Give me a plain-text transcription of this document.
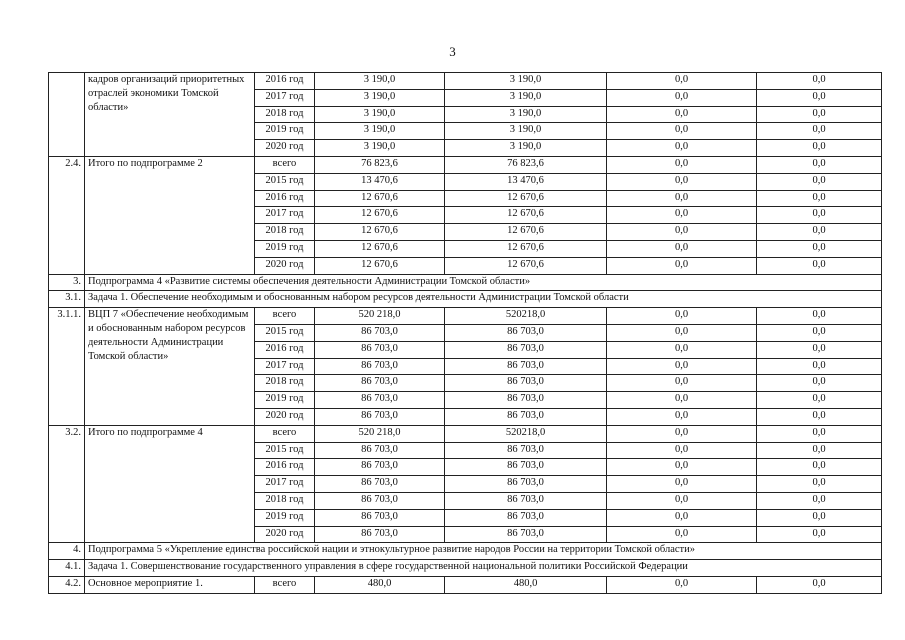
3
	кадров организаций приоритетных отраслей экономики Томской области»	2016 год	3 190,0	3 190,0	0,0	0,0
		2017 год	3 190,0	3 190,0	0,0	0,0
		2018 год	3 190,0	3 190,0	0,0	0,0
		2019 год	3 190,0	3 190,0	0,0	0,0
		2020 год	3 190,0	3 190,0	0,0	0,0
2.4.	Итого по подпрограмме 2	всего	76 823,6	76 823,6	0,0	0,0
		2015 год	13 470,6	13 470,6	0,0	0,0
		2016 год	12 670,6	12 670,6	0,0	0,0
		2017 год	12 670,6	12 670,6	0,0	0,0
		2018 год	12 670,6	12 670,6	0,0	0,0
		2019 год	12 670,6	12 670,6	0,0	0,0
		2020 год	12 670,6	12 670,6	0,0	0,0
3.	Подпрограмма 4 «Развитие системы обеспечения деятельности Администрации Томской области»					
3.1.	Задача 1. Обеспечение необходимым и обоснованным набором ресурсов деятельности Администрации Томской области					
3.1.1.	ВЦП 7 «Обеспечение необходимым и обоснованным набором ресурсов деятельности Администрации Томской области»	всего	520 218,0	520218,0	0,0	0,0
		2015 год	86 703,0	86 703,0	0,0	0,0
		2016 год	86 703,0	86 703,0	0,0	0,0
		2017 год	86 703,0	86 703,0	0,0	0,0
		2018 год	86 703,0	86 703,0	0,0	0,0
		2019 год	86 703,0	86 703,0	0,0	0,0
		2020 год	86 703,0	86 703,0	0,0	0,0
3.2.	Итого по подпрограмме 4	всего	520 218,0	520218,0	0,0	0,0
		2015 год	86 703,0	86 703,0	0,0	0,0
		2016 год	86 703,0	86 703,0	0,0	0,0
		2017 год	86 703,0	86 703,0	0,0	0,0
		2018 год	86 703,0	86 703,0	0,0	0,0
		2019 год	86 703,0	86 703,0	0,0	0,0
		2020 год	86 703,0	86 703,0	0,0	0,0
4.	Подпрограмма 5 «Укрепление единства российской нации и этнокультурное развитие народов России на территории Томской области»					
4.1.	Задача 1. Совершенствование государственного управления в сфере государственной национальной политики Российской Федерации					
4.2.	Основное мероприятие 1.	всего	480,0	480,0	0,0	0,0
